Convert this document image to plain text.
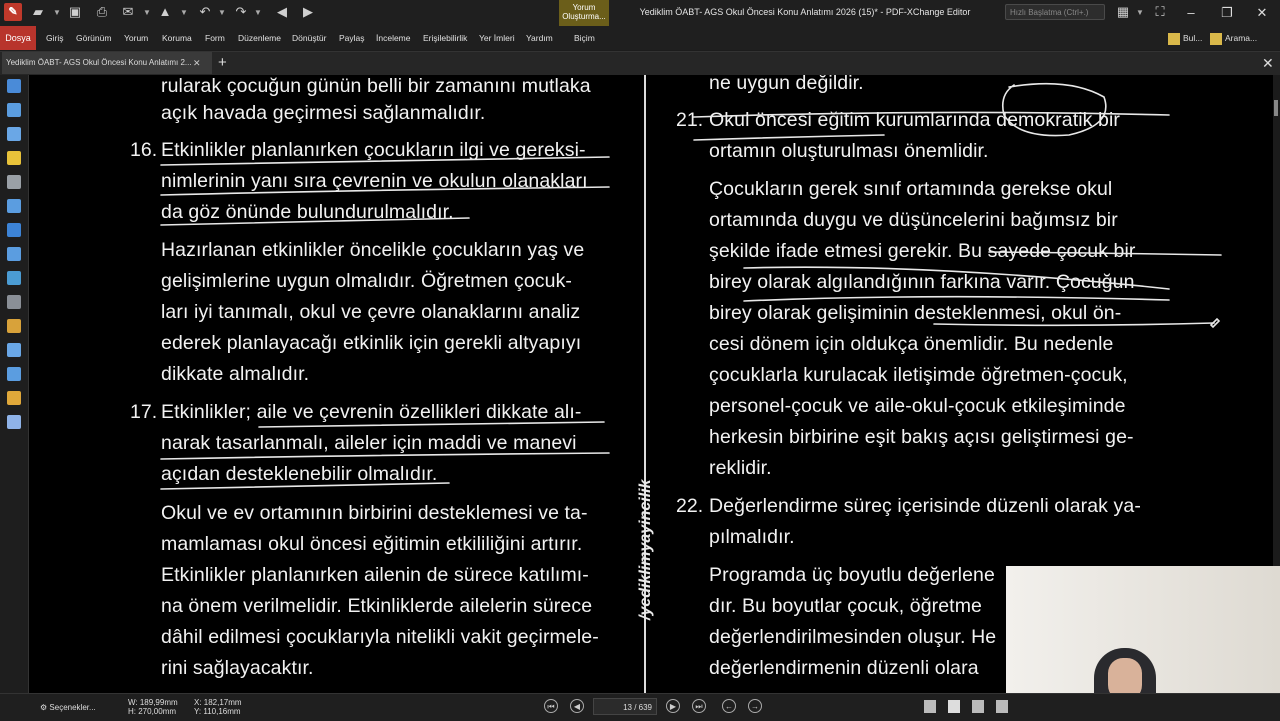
✎	▰	▼ ▣ ⎙ ✉	▼ ▲ ▼ ↶ ▼ ↷ ▼ ◀ ▶	Yorum Oluşturma...	Yediklim ÖABT- AGS Okul Öncesi Konu Anlatımı 2026 (15)* - PDF-XChange Editor	Hızlı Başlatma (Ctrl+.)	▦ ▼ ⛶	–	❐	✕
Dosya	Giriş Görünüm Yorum Koruma Form Düzenleme Dönüştür Paylaş İnceleme Erişilebilirlik Yer İmleri Yardım Biçim	Bul...	Arama...
Yediklim ÖABT- AGS Okul Öncesi Konu Anlatımı 2... ✕ +	✕
rularak çocuğun günün belli bir zamanını mutlaka
açık havada geçirmesi sağlanmalıdır.
16. Etkinlikler planlanırken çocukların ilgi ve gereksi-
nimlerinin yanı sıra çevrenin ve okulun olanakları
da göz önünde bulundurulmalıdır.
Hazırlanan etkinlikler öncelikle çocukların yaş ve
gelişimlerine uygun olmalıdır. Öğretmen çocuk-
ları iyi tanımalı, okul ve çevre olanaklarını analiz
ederek planlayacağı etkinlik için gerekli altyapıyı
dikkate almalıdır.
17. Etkinlikler; aile ve çevrenin özellikleri dikkate alı-
narak tasarlanmalı, aileler için maddi ve manevi
açıdan desteklenebilir olmalıdır.
Okul ve ev ortamının birbirini desteklemesi ve ta-
mamlaması okul öncesi eğitimin etkililiğini artırır.
Etkinlikler planlanırken ailenin de sürece katılımı-
na önem verilmelidir. Etkinliklerde ailelerin sürece
dâhil edilmesi çocuklarıyla nitelikli vakit geçirmele-
rini sağlayacaktır.
/yediklimyayincilik
ne uygun değildir.
21. Okul öncesi eğitim kurumlarında demokratik bir
ortamın oluşturulması önemlidir.
Çocukların gerek sınıf ortamında gerekse okul
ortamında duygu ve düşüncelerini bağımsız bir
şekilde ifade etmesi gerekir. Bu sayede çocuk bir
birey olarak algılandığının farkına varır. Çocuğun
birey olarak gelişiminin desteklenmesi, okul ön-
cesi dönem için oldukça önemlidir. Bu nedenle
çocuklarla kurulacak iletişimde öğretmen-çocuk,
personel-çocuk ve aile-okul-çocuk etkileşiminde
herkesin birbirine eşit bakış açısı geliştirmesi ge-
reklidir.
22. Değerlendirme süreç içerisinde düzenli olarak ya-
pılmalıdır.
Programda üç boyutlu değerlene
dır. Bu boyutlar çocuk, öğretme
değerlendirilmesinden oluşur. He
değerlendirmenin düzenli olara
⚙ Seçenekler...
W: 189,99mm
H: 270,00mm
X: 182,17mm
Y: 110,16mm
⏮	◀	13 / 639	▶	⏭	←	→
